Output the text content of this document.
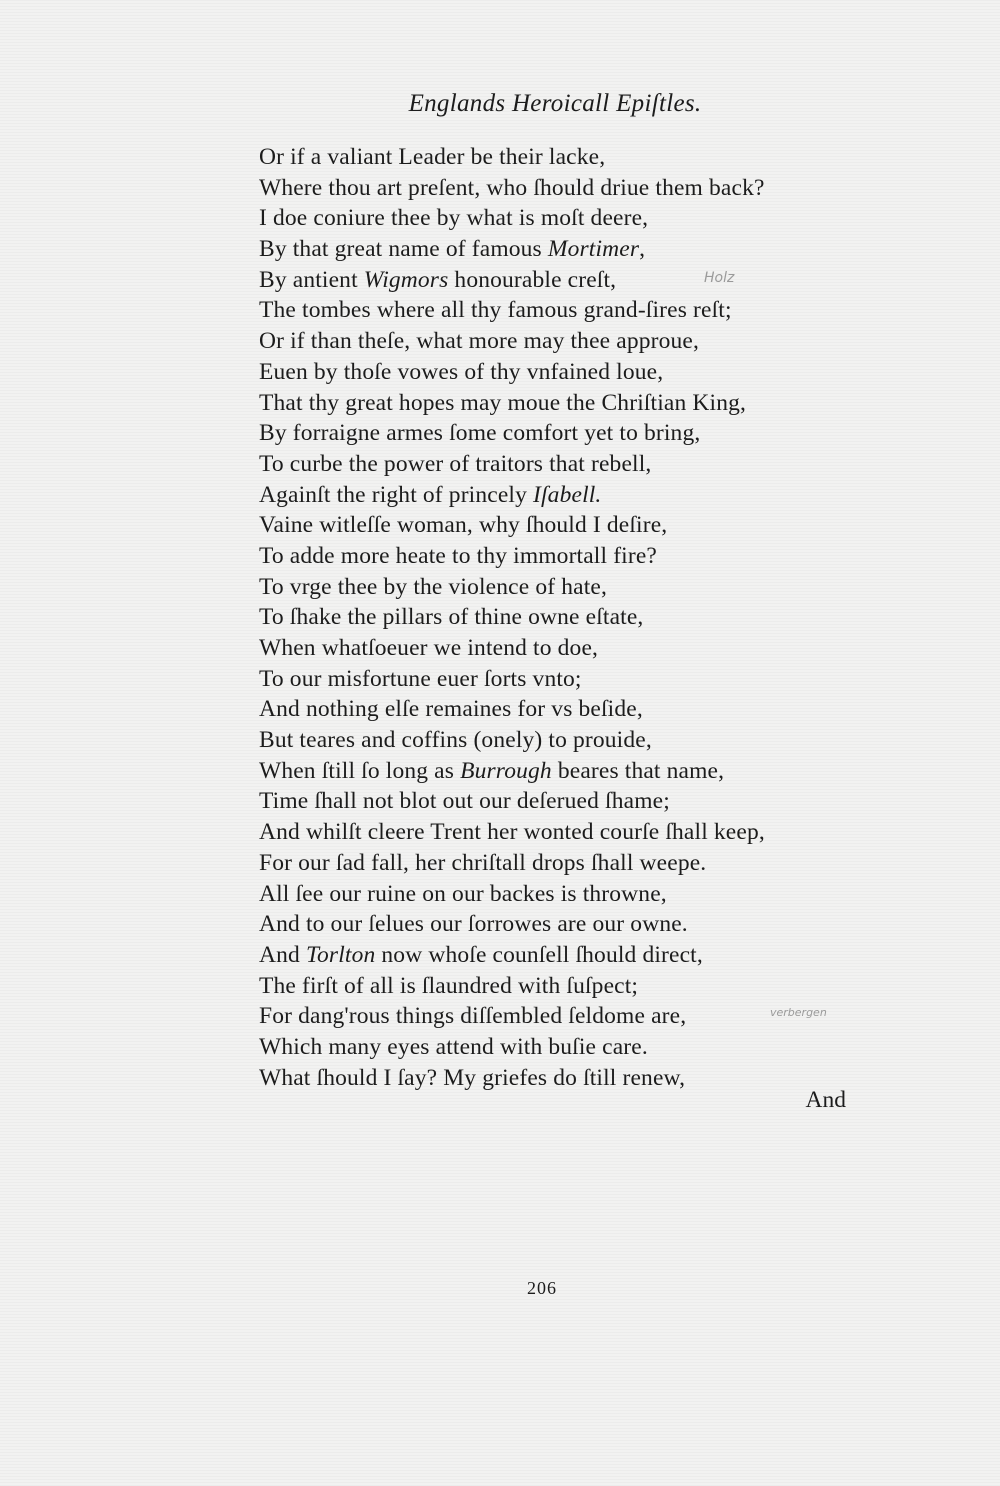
Englands Heroicall Epiſtles.
Or if a valiant Leader be their lacke,
Where thou art preſent, who ſhould driue them back?
I doe coniure thee by what is moſt deere,
By that great name of famous Mortimer,
By antient Wigmors honourable creſt,
The tombes where all thy famous grand-ſires reſt;
Or if than theſe, what more may thee approue,
Euen by thoſe vowes of thy vnfained loue,
That thy great hopes may moue the Chriſtian King,
By forraigne armes ſome comfort yet to bring,
To curbe the power of traitors that rebell,
Againſt the right of princely Iſabell.
Vaine witleſſe woman, why ſhould I deſire,
To adde more heate to thy immortall fire?
To vrge thee by the violence of hate,
To ſhake the pillars of thine owne eſtate,
When whatſoeuer we intend to doe,
To our misfortune euer ſorts vnto;
And nothing elſe remaines for vs beſide,
But teares and coffins (onely) to prouide,
When ſtill ſo long as Burrough beares that name,
Time ſhall not blot out our deſerued ſhame;
And whilſt cleere Trent her wonted courſe ſhall keep,
For our ſad fall, her chriſtall drops ſhall weepe.
All ſee our ruine on our backes is throwne,
And to our ſelues our ſorrowes are our owne.
And Torlton now whoſe counſell ſhould direct,
The firſt of all is ſlaundred with ſuſpect;
For dang'rous things diſſembled ſeldome are,
Which many eyes attend with buſie care.
What ſhould I ſay? My griefes do ſtill renew,
Holz
verbergen
And
206
